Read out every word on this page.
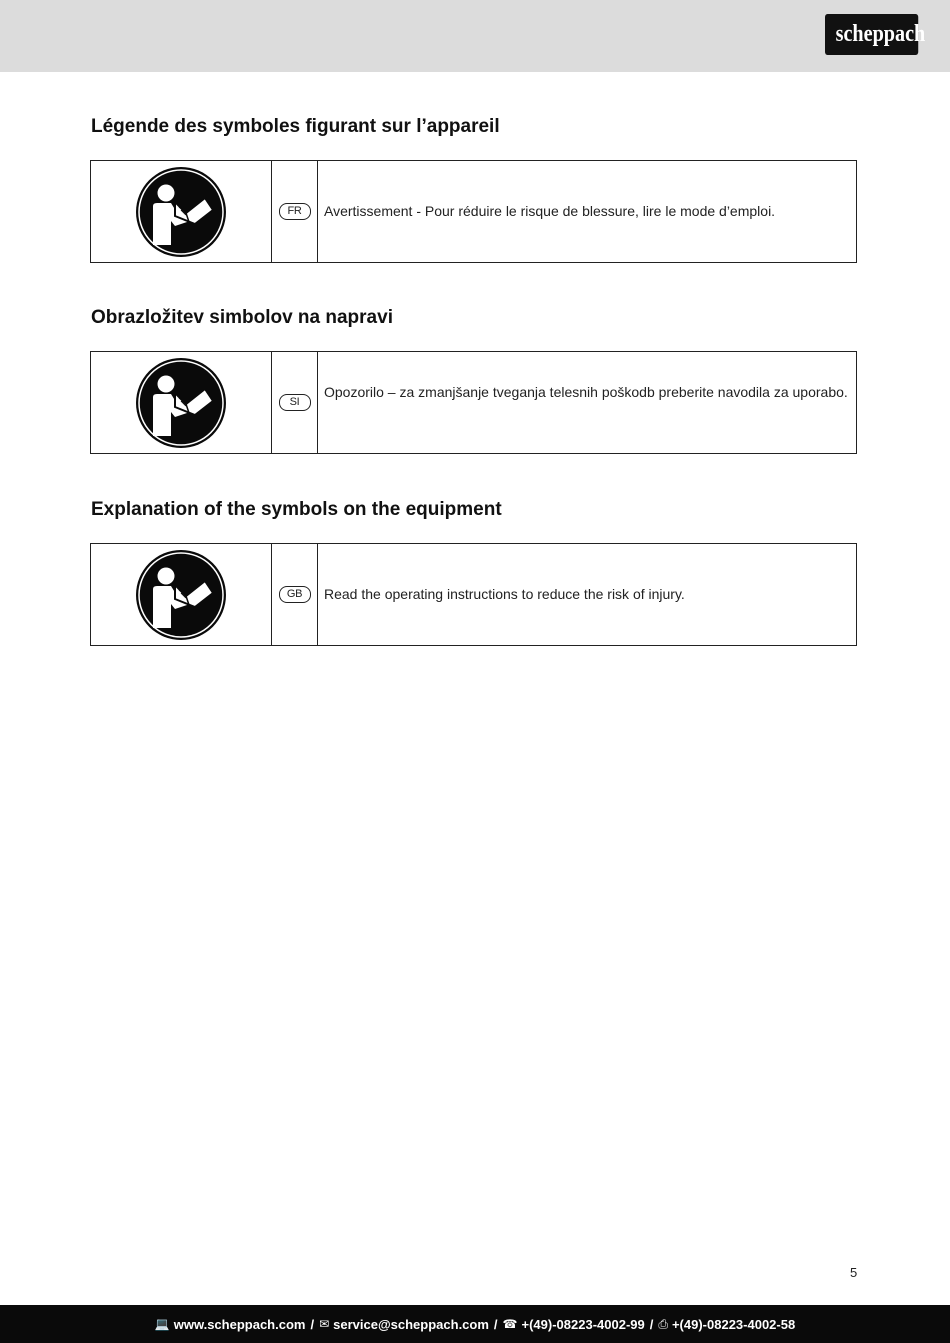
scheppach
Légende des symboles figurant sur l’appareil
FR	Avertissement - Pour réduire le risque de blessure, lire le mode d’emploi.

Obrazložitev simbolov na napravi
SI

Opozorilo – za zmanjšanje tveganja telesnih poškodb preberite navodila za uporabo.

Explanation of the symbols on the equipment
GB	Read the operating instructions to reduce the risk of injury.

5
💻 www.scheppach.com / ✉ service@scheppach.com / ☎ +(49)-08223-4002-99 / ⎙ +(49)-08223-4002-58
